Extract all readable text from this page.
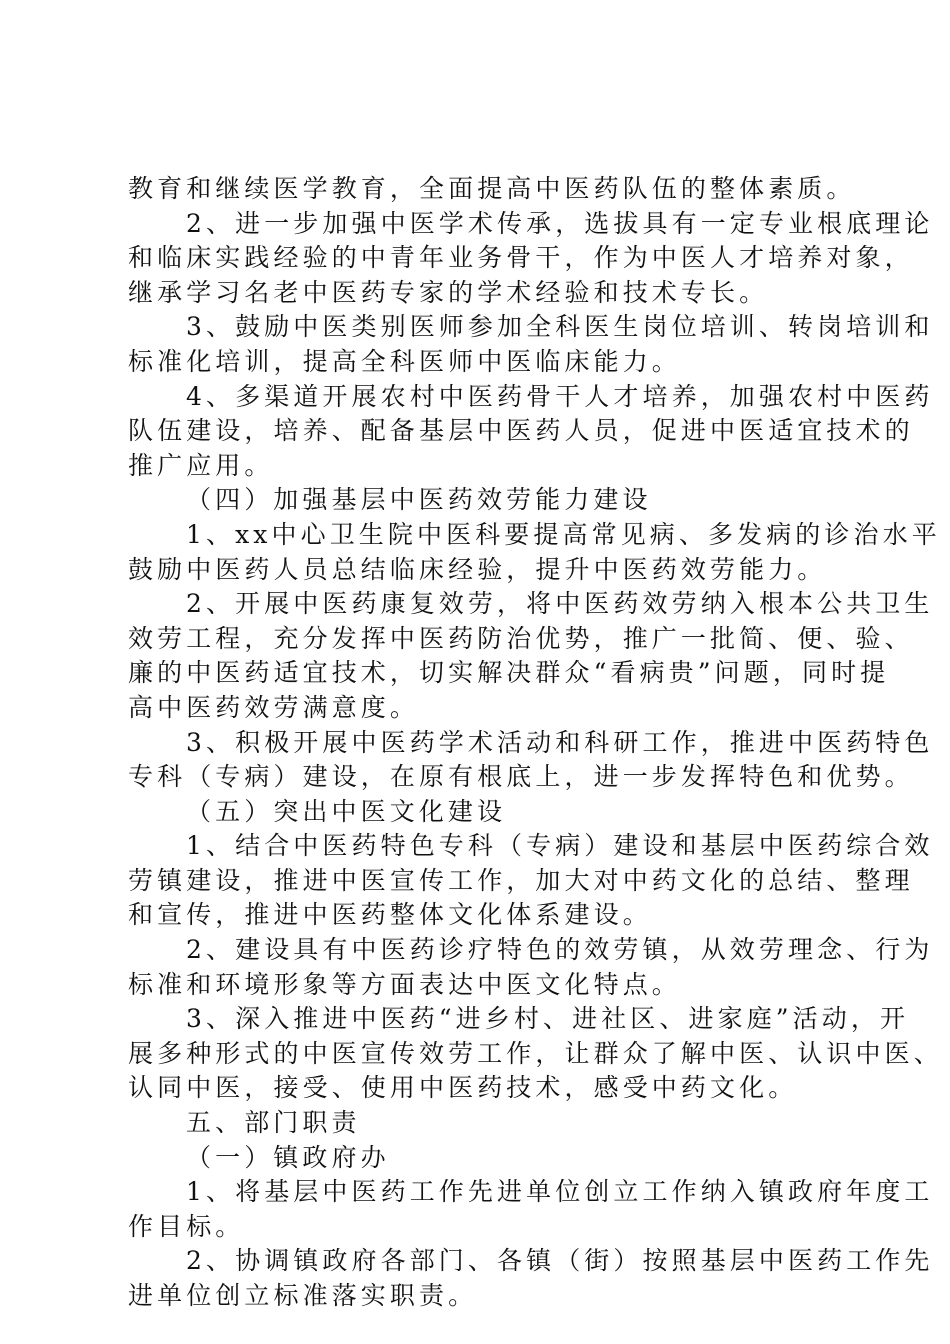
教育和继续医学教育，全面提高中医药队伍的整体素质。
2、进一步加强中医学术传承，选拔具有一定专业根底理论
和临床实践经验的中青年业务骨干，作为中医人才培养对象，
继承学习名老中医药专家的学术经验和技术专长。
3、鼓励中医类别医师参加全科医生岗位培训、转岗培训和
标准化培训，提高全科医师中医临床能力。
4、多渠道开展农村中医药骨干人才培养，加强农村中医药
队伍建设，培养、配备基层中医药人员，促进中医适宜技术的
推广应用。
（四）加强基层中医药效劳能力建设
1、xx中心卫生院中医科要提高常见病、多发病的诊治水平
鼓励中医药人员总结临床经验，提升中医药效劳能力。
2、开展中医药康复效劳，将中医药效劳纳入根本公共卫生
效劳工程，充分发挥中医药防治优势，推广一批简、便、验、
廉的中医药适宜技术，切实解决群众“看病贵”问题，同时提
高中医药效劳满意度。
3、积极开展中医药学术活动和科研工作，推进中医药特色
专科（专病）建设，在原有根底上，进一步发挥特色和优势。
（五）突出中医文化建设
1、结合中医药特色专科（专病）建设和基层中医药综合效
劳镇建设，推进中医宣传工作，加大对中药文化的总结、整理
和宣传，推进中医药整体文化体系建设。
2、建设具有中医药诊疗特色的效劳镇，从效劳理念、行为
标准和环境形象等方面表达中医文化特点。
3、深入推进中医药“进乡村、进社区、进家庭”活动，开
展多种形式的中医宣传效劳工作，让群众了解中医、认识中医、
认同中医，接受、使用中医药技术，感受中药文化。
五、部门职责
（一）镇政府办
1、将基层中医药工作先进单位创立工作纳入镇政府年度工
作目标。
2、协调镇政府各部门、各镇（街）按照基层中医药工作先
进单位创立标准落实职责。
